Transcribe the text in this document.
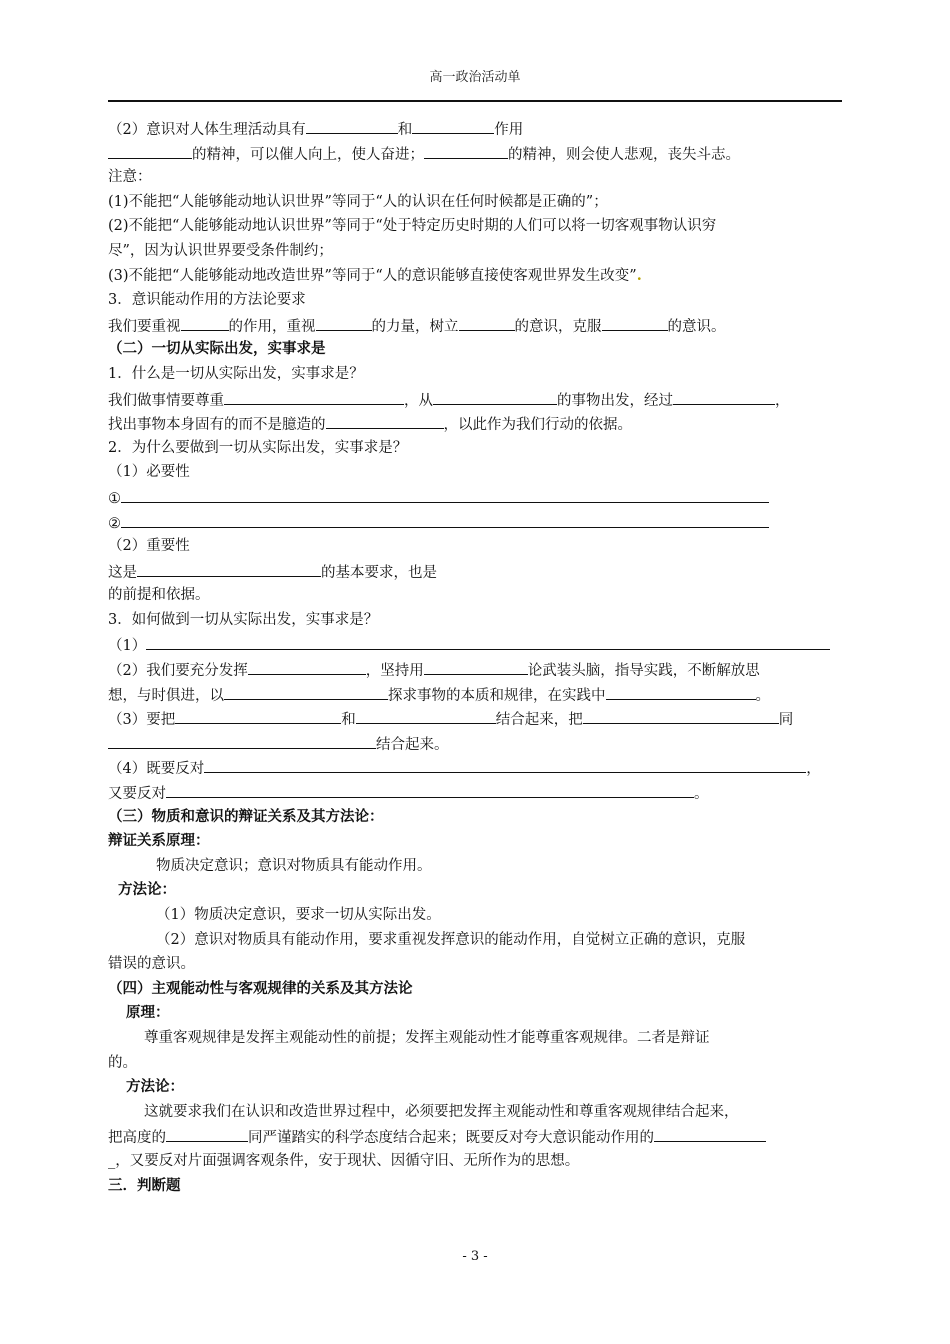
高一政治活动单
（2）意识对人体生理活动具有	和	作用
的精神，可以催人向上，使人奋进；	的精神，则会使人悲观，丧失斗志。
注意：
(1)不能把“人能够能动地认识世界”等同于“人的认识在任何时候都是正确的”；
(2)不能把“人能够能动地认识世界”等同于“处于特定历史时期的人们可以将一切客观事物认识穷
尽”，因为认识世界要受条件制约；
(3)不能把“人能够能动地改造世界”等同于“人的意识能够直接使客观世界发生改变”.
3．意识能动作用的方法论要求
我们要重视	的作用，重视	的力量，树立	的意识，克服	的意识。
（二）一切从实际出发，实事求是
1．什么是一切从实际出发，实事求是？
我们做事情要尊重	，从	的事物出发，经过	，
找出事物本身固有的而不是臆造的	，以此作为我们行动的依据。
2．为什么要做到一切从实际出发，实事求是？
（1）必要性
①
②
（2）重要性
这是	的基本要求，也是
的前提和依据。
3．如何做到一切从实际出发，实事求是？
（1）
（2）我们要充分发挥	，坚持用	论武装头脑，指导实践，不断解放思
想，与时俱进，以	探求事物的本质和规律，在实践中	。
（3）要把	和	结合起来，把	同
结合起来。
（4）既要反对	，
又要反对	。
（三）物质和意识的辩证关系及其方法论：
辩证关系原理：
物质决定意识；意识对物质具有能动作用。
方法论：
（1）物质决定意识，要求一切从实际出发。
（2）意识对物质具有能动作用，要求重视发挥意识的能动作用，自觉树立正确的意识，克服
错误的意识。
（四）主观能动性与客观规律的关系及其方法论
原理：
尊重客观规律是发挥主观能动性的前提；发挥主观能动性才能尊重客观规律。二者是辩证
的。
方法论：
这就要求我们在认识和改造世界过程中，必须要把发挥主观能动性和尊重客观规律结合起来，
把高度的	同严谨踏实的科学态度结合起来；既要反对夸大意识能动作用的
_，又要反对片面强调客观条件，安于现状、因循守旧、无所作为的思想。
三．判断题
- 3 -
